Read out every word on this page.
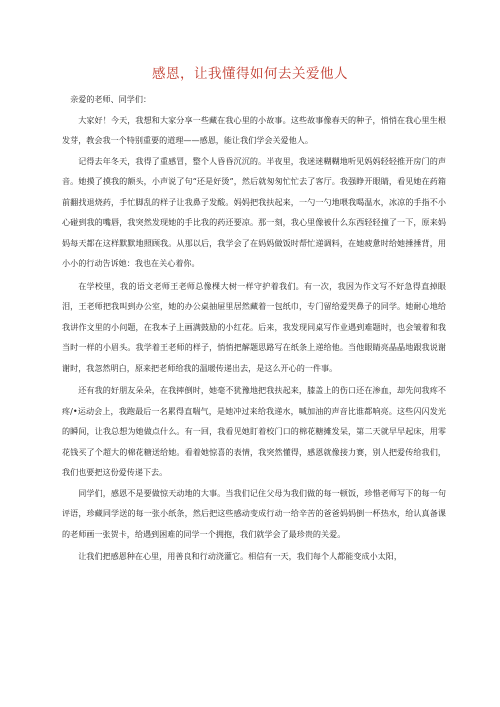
感恩，让我懂得如何去关爱他人

亲爱的老师、同学们：

大家好！今天，我想和大家分享一些藏在我心里的小故事。这些故事像春天的种子，悄悄在我心里生根发芽，教会我一个特别重要的道理——感恩，能让我们学会关爱他人。

记得去年冬天，我得了重感冒，整个人昏昏沉沉的。半夜里，我迷迷糊糊地听见妈妈轻轻推开房门的声音。她摸了摸我的额头，小声说了句“还是好烫”，然后就匆匆忙忙去了客厅。我强睁开眼睛，看见她在药箱前翻找退烧药，手忙脚乱的样子让我鼻子发酸。妈妈把我扶起来，一勺一勺地喂我喝温水，冰凉的手指不小心碰到我的嘴唇，我突然发现她的手比我的药还要凉。那一刻，我心里像被什么东西轻轻撞了一下，原来妈妈每天都在这样默默地照顾我。从那以后，我学会了在妈妈做饭时帮忙递调料，在她疲惫时给她捶捶背，用小小的行动告诉她：我也在关心着你。

在学校里，我的语文老师王老师总像棵大树一样守护着我们。有一次，我因为作文写不好急得直掉眼泪，王老师把我叫到办公室，她的办公桌抽屉里居然藏着一包纸巾，专门留给爱哭鼻子的同学。她耐心地给我讲作文里的小问题，在我本子上画满鼓励的小红花。后来，我发现同桌写作业遇到难题时，也会皱着和我当时一样的小眉头。我学着王老师的样子，悄悄把解题思路写在纸条上递给他。当他眼睛亮晶晶地跟我说谢谢时，我忽然明白，原来把老师给我的温暖传递出去，是这么开心的一件事。

还有我的好朋友朵朵，在我摔倒时，她毫不犹豫地把我扶起来，膝盖上的伤口还在渗血，却先问我疼不疼/•运动会上，我跑最后一名累得直喘气，是她冲过来给我递水，喊加油的声音比谁都响亮。这些闪闪发光的瞬间，让我总想为她做点什么。有一回，我看见她盯着校门口的棉花糖摊发呆，第二天就早早起床，用零花钱买了个超大的棉花糖送给她。看着她惊喜的表情，我突然懂得，感恩就像接力赛，别人把爱传给我们，我们也要把这份爱传递下去。

同学们，感恩不是要做惊天动地的大事。当我们记住父母为我们做的每一顿饭，珍惜老师写下的每一句评语，珍藏同学送的每一张小纸条，然后把这些感动变成行动一给辛苦的爸爸妈妈倒一杯热水，给认真备课的老师画一张贺卡，给遇到困难的同学一个拥抱，我们就学会了最珍贵的关爱。

让我们把感恩种在心里，用善良和行动浇灌它。相信有一天，我们每个人都能变成小太阳，
